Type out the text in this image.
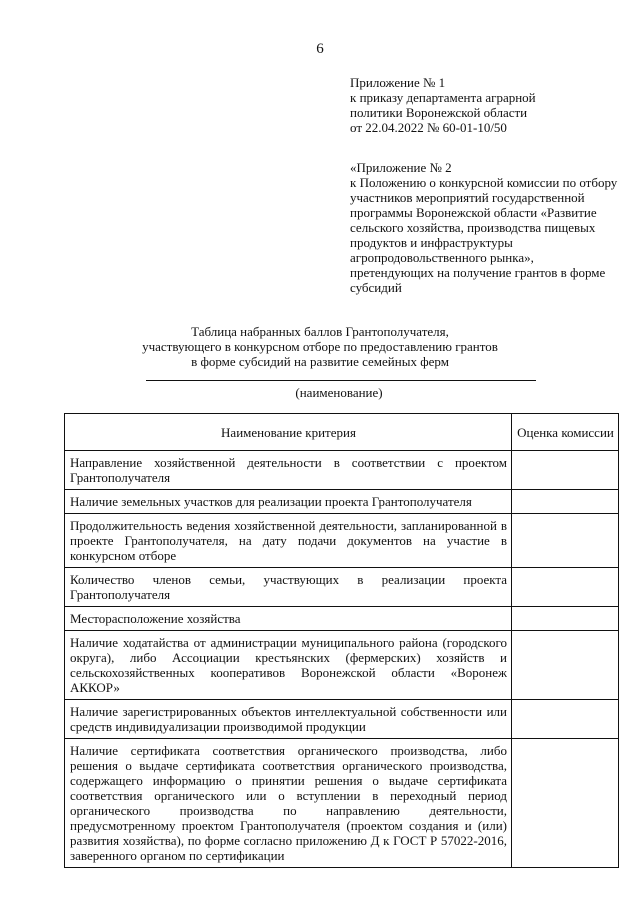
6
Приложение № 1
к приказу департамента аграрной
политики Воронежской области
от 22.04.2022 № 60-01-10/50
«Приложение № 2
к Положению о конкурсной комиссии по отбору
участников мероприятий государственной
программы Воронежской области «Развитие
сельского хозяйства, производства пищевых
продуктов и инфраструктуры
агропродовольственного рынка»,
претендующих на получение грантов в форме
субсидий
Таблица набранных баллов Грантополучателя,
участвующего в конкурсном отборе по предоставлению грантов
в форме субсидий на развитие семейных ферм
(наименование)
Наименование критерия	Оценка комиссии
Направление хозяйственной деятельности в соответствии с проектом Грантополучателя	
Наличие земельных участков для реализации проекта Грантополучателя	
Продолжительность ведения хозяйственной деятельности, запланированной в проекте Грантополучателя, на дату подачи документов на участие в конкурсном отборе	
Количество членов семьи, участвующих в реализации проекта Грантополучателя	
Месторасположение хозяйства	
Наличие ходатайства от администрации муниципального района (городского округа), либо Ассоциации крестьянских (фермерских) хозяйств и сельскохозяйственных кооперативов Воронежской области «Воронеж АККОР»	
Наличие зарегистрированных объектов интеллектуальной собственности или средств индивидуализации производимой продукции	
Наличие сертификата соответствия органического производства, либо решения о выдаче сертификата соответствия органического производства, содержащего информацию о принятии решения о выдаче сертификата соответствия органического или о вступлении в переходный период органического производства по направлению деятельности, предусмотренному проектом Грантополучателя (проектом создания и (или) развития хозяйства), по форме согласно приложению Д к ГОСТ Р 57022-2016, заверенного органом по сертификации	
